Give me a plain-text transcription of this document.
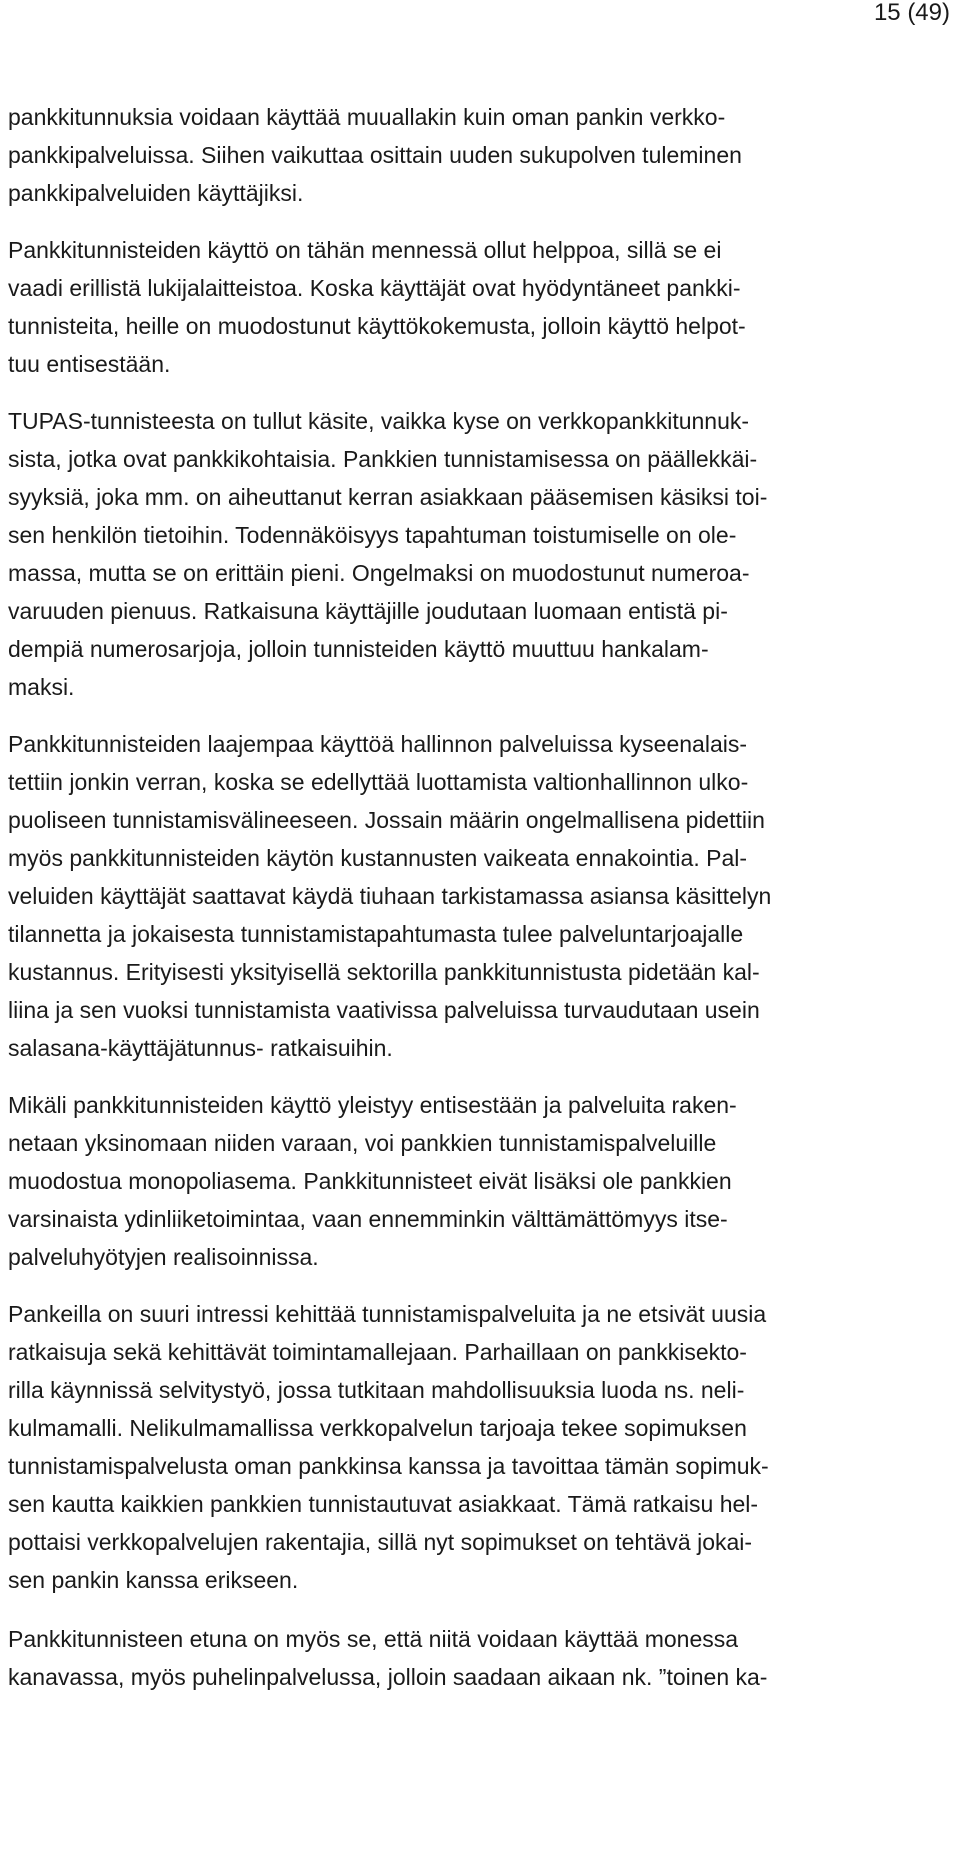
15 (49)
pankkitunnuksia voidaan käyttää muuallakin kuin oman pankin verkko-
pankkipalveluissa. Siihen vaikuttaa osittain uuden sukupolven tuleminen
pankkipalveluiden käyttäjiksi.
Pankkitunnisteiden käyttö on tähän mennessä ollut helppoa, sillä se ei
vaadi erillistä lukijalaitteistoa. Koska käyttäjät ovat hyödyntäneet pankki-
tunnisteita, heille on muodostunut käyttökokemusta, jolloin käyttö helpot-
tuu entisestään.
TUPAS-tunnisteesta on tullut käsite, vaikka kyse on verkkopankkitunnuk-
sista, jotka ovat pankkikohtaisia. Pankkien tunnistamisessa on päällekkäi-
syyksiä, joka mm. on aiheuttanut kerran asiakkaan pääsemisen käsiksi toi-
sen henkilön tietoihin. Todennäköisyys tapahtuman toistumiselle on ole-
massa, mutta se on erittäin pieni. Ongelmaksi on muodostunut numeroa-
varuuden pienuus. Ratkaisuna käyttäjille joudutaan luomaan entistä pi-
dempiä numerosarjoja, jolloin tunnisteiden käyttö muuttuu hankalam-
maksi.
Pankkitunnisteiden laajempaa käyttöä hallinnon palveluissa kyseenalais-
tettiin jonkin verran, koska se edellyttää luottamista valtionhallinnon ulko-
puoliseen tunnistamisvälineeseen. Jossain määrin ongelmallisena pidettiin
myös pankkitunnisteiden käytön kustannusten vaikeata ennakointia. Pal-
veluiden käyttäjät saattavat käydä tiuhaan tarkistamassa asiansa käsittelyn
tilannetta ja jokaisesta tunnistamistapahtumasta tulee palveluntarjoajalle
kustannus. Erityisesti yksityisellä sektorilla pankkitunnistusta pidetään kal-
liina ja sen vuoksi tunnistamista vaativissa palveluissa turvaudutaan usein
salasana-käyttäjätunnus- ratkaisuihin.
Mikäli pankkitunnisteiden käyttö yleistyy entisestään ja palveluita raken-
netaan yksinomaan niiden varaan, voi pankkien tunnistamispalveluille
muodostua monopoliasema. Pankkitunnisteet eivät lisäksi ole pankkien
varsinaista ydinliiketoimintaa, vaan ennemminkin välttämättömyys itse-
palveluhyötyjen realisoinnissa.
Pankeilla on suuri intressi kehittää tunnistamispalveluita ja ne etsivät uusia
ratkaisuja sekä kehittävät toimintamallejaan. Parhaillaan on pankkisekto-
rilla käynnissä selvitystyö, jossa tutkitaan mahdollisuuksia luoda ns. neli-
kulmamalli. Nelikulmamallissa verkkopalvelun tarjoaja tekee sopimuksen
tunnistamispalvelusta oman pankkinsa kanssa ja tavoittaa tämän sopimuk-
sen kautta kaikkien pankkien tunnistautuvat asiakkaat. Tämä ratkaisu hel-
pottaisi verkkopalvelujen rakentajia, sillä nyt sopimukset on tehtävä jokai-
sen pankin kanssa erikseen.
Pankkitunnisteen etuna on myös se, että niitä voidaan käyttää monessa
kanavassa, myös puhelinpalvelussa, jolloin saadaan aikaan nk. ”toinen ka-
